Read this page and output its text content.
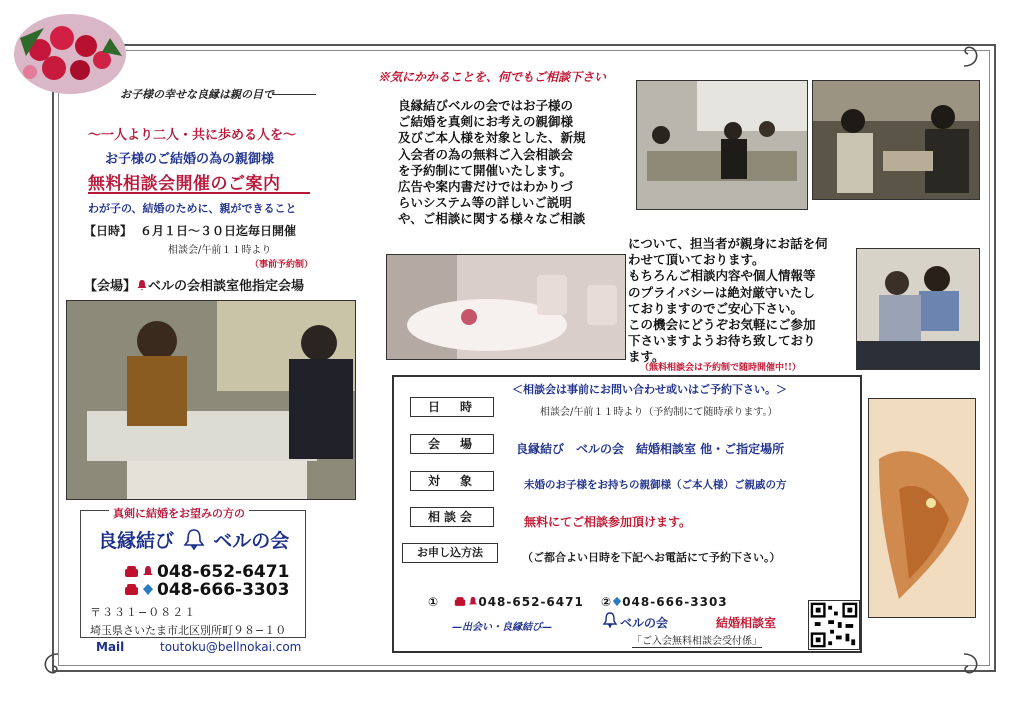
お子様の幸せな良縁は親の目で
〜一人より二人・共に歩める人を〜
お子様のご結婚の為の親御様
無料相談会開催のご案内
わが子の、結婚のために、親ができること
【日時】 ６月１日〜３０日迄毎日開催
相談会/午前１１時より
（事前予約制）
【会場】 ベルの会相談室他指定会場
真剣に結婚をお望みの方の
良縁結び ベルの会
048-652-6471
048-666-3303
〒３３１−０８２１
埼玉県さいたま市北区別所町９８−１０
Mail	toutoku@bellnokai.com
※気にかかることを、何でもご相談下さい
良縁結びベルの会ではお子様の
ご結婚を真剣にお考えの親御様
及びご本人様を対象とした、新規
入会者の為の無料ご入会相談会
を予約制にて開催いたします。
広告や案内書だけではわかりづ
らいシステム等の詳しいご説明
や、ご相談に関する様々なご相談
について、担当者が親身にお話を伺
わせて頂いております。
もちろんご相談内容や個人情報等
のプライバシーは絶対厳守いたし
ておりますのでご安心下さい。
この機会にどうぞお気軽にご参加
下さいますようお待ち致しており
ます。
（無料相談会は予約制で随時開催中!!）
＜相談会は事前にお問い合わせ或いはご予約下さい。＞
日　時	相談会/午前１１時より（予約制にて随時承ります。）
会　場	良縁結び　ベルの会　結婚相談室 他・ご指定場所
対　象	未婚のお子様をお持ちの親御様（ご本人様）ご親戚の方
相談会	無料にてご相談参加頂けます。
お申し込方法	（ご都合よい日時を下記へお電話にて予約下さい。）
①	048-652-6471 ② 048-666-3303
—出会い・良縁結び—	ベルの会	結婚相談室
「ご入会無料相談会受付係」
